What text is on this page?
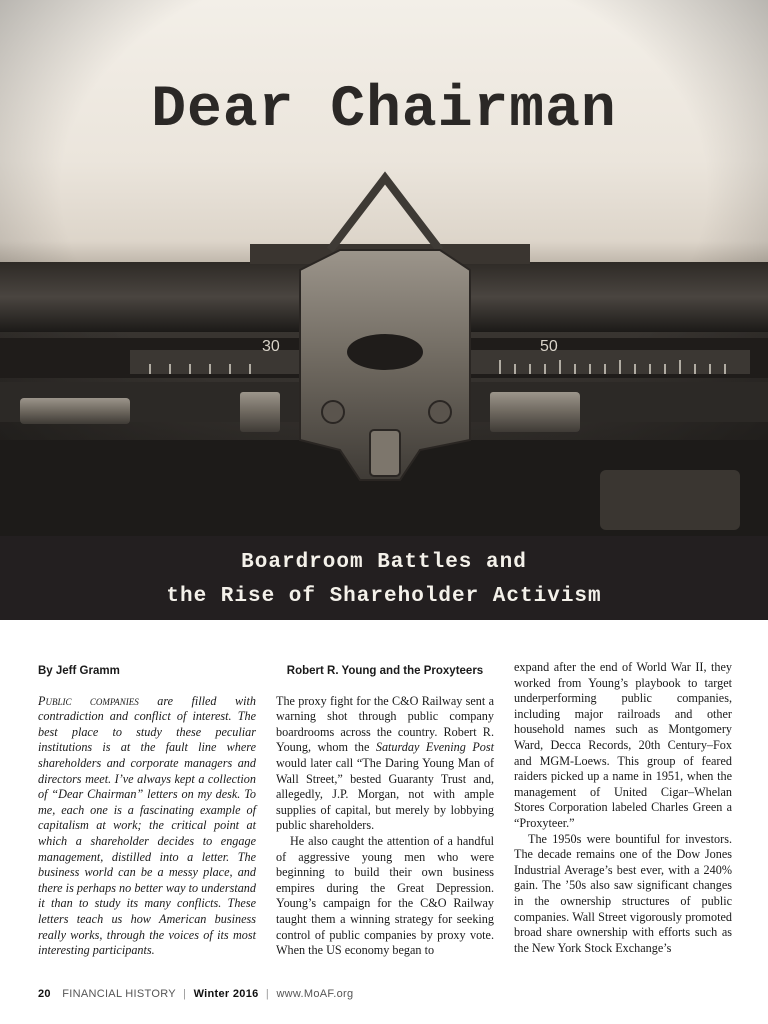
Dear Chairman
30	50
Boardroom Battles and
the Rise of Shareholder Activism
By Jeff Gramm

Public companies are filled with contradiction and conflict of interest. The best place to study these peculiar institutions is at the fault line where shareholders and corporate managers and directors meet. I’ve always kept a collection of “Dear Chairman” letters on my desk. To me, each one is a fascinating example of capitalism at work; the critical point at which a shareholder decides to engage management, distilled into a letter. The business world can be a messy place, and there is perhaps no better way to understand it than to study its many conflicts. These letters teach us how American business really works, through the voices of its most interesting participants.

Robert R. Young and the Proxyteers

The proxy fight for the C&O Railway sent a warning shot through public company boardrooms across the country. Robert R. Young, whom the Saturday Evening Post would later call “The Daring Young Man of Wall Street,” bested Guaranty Trust and, allegedly, J.P. Morgan, not with ample supplies of capital, but merely by lobbying public shareholders.

He also caught the attention of a handful of aggressive young men who were beginning to build their own business empires during the Great Depression. Young’s campaign for the C&O Railway taught them a winning strategy for seeking control of public companies by proxy vote. When the US economy began to

expand after the end of World War II, they worked from Young’s playbook to target underperforming public companies, including major railroads and other household names such as Montgomery Ward, Decca Records, 20th Century–Fox and MGM-Loews. This group of feared raiders picked up a name in 1951, when the management of United Cigar–Whelan Stores Corporation labeled Charles Green a “Proxyteer.”

The 1950s were bountiful for investors. The decade remains one of the Dow Jones Industrial Average’s best ever, with a 240% gain. The ’50s also saw significant changes in the ownership structures of public companies. Wall Street vigorously promoted broad share ownership with efforts such as the New York Stock Exchange’s

20 FINANCIAL HISTORY | Winter 2016 | www.MoAF.org
